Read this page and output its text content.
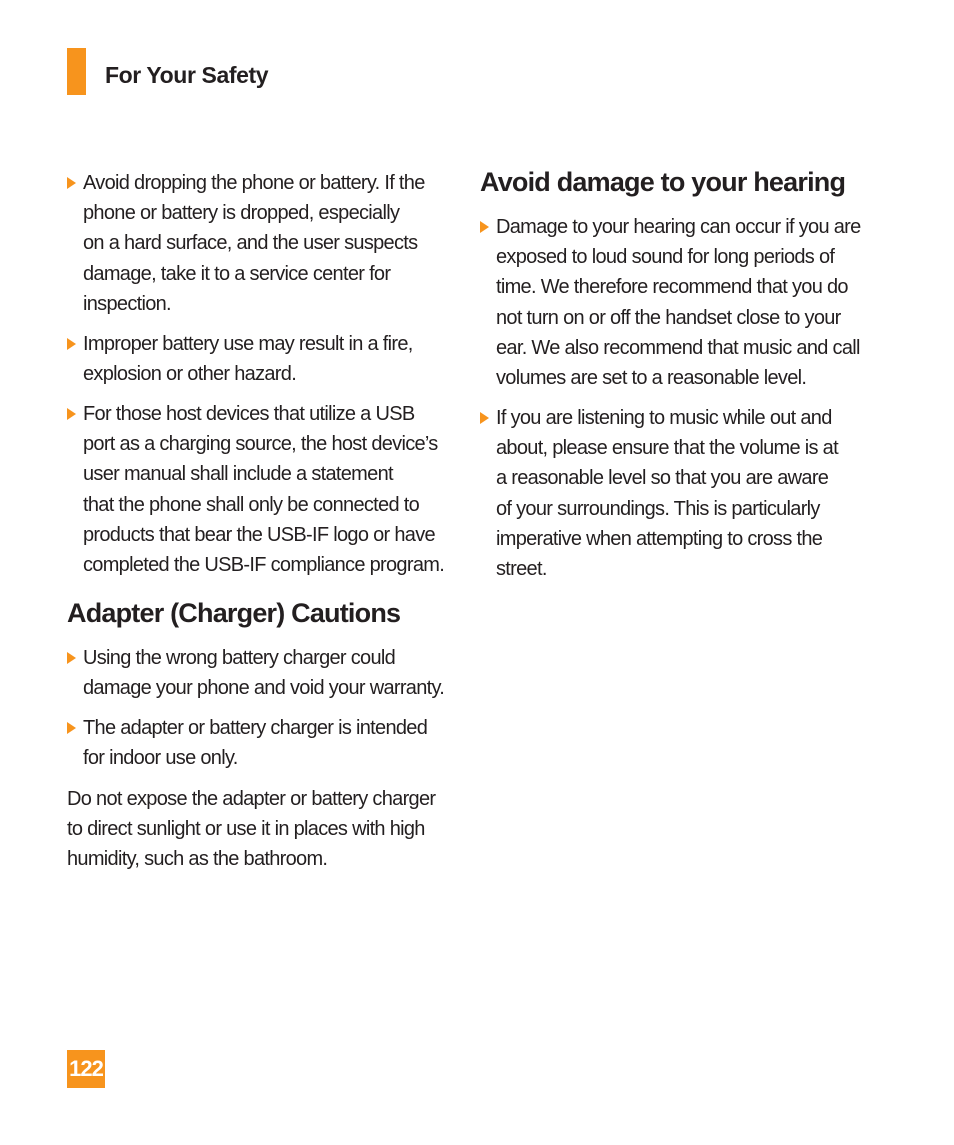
For Your Safety
Avoid dropping the phone or battery. If the
phone or battery is dropped, especially
on a hard surface, and the user suspects
damage, take it to a service center for
inspection.
Improper battery use may result in a fire,
explosion or other hazard.
For those host devices that utilize a USB
port as a charging source, the host device’s
user manual shall include a statement
that the phone shall only be connected to
products that bear the USB-IF logo or have
completed the USB-IF compliance program.
Adapter (Charger) Cautions
Using the wrong battery charger could
damage your phone and void your warranty.
The adapter or battery charger is intended
for indoor use only.
Do not expose the adapter or battery charger
to direct sunlight or use it in places with high
humidity, such as the bathroom.
Avoid damage to your hearing
Damage to your hearing can occur if you are
exposed to loud sound for long periods of
time. We therefore recommend that you do
not turn on or off the handset close to your
ear. We also recommend that music and call
volumes are set to a reasonable level.
If you are listening to music while out and
about, please ensure that the volume is at
a reasonable level so that you are aware
of your surroundings. This is particularly
imperative when attempting to cross the
street.
122
